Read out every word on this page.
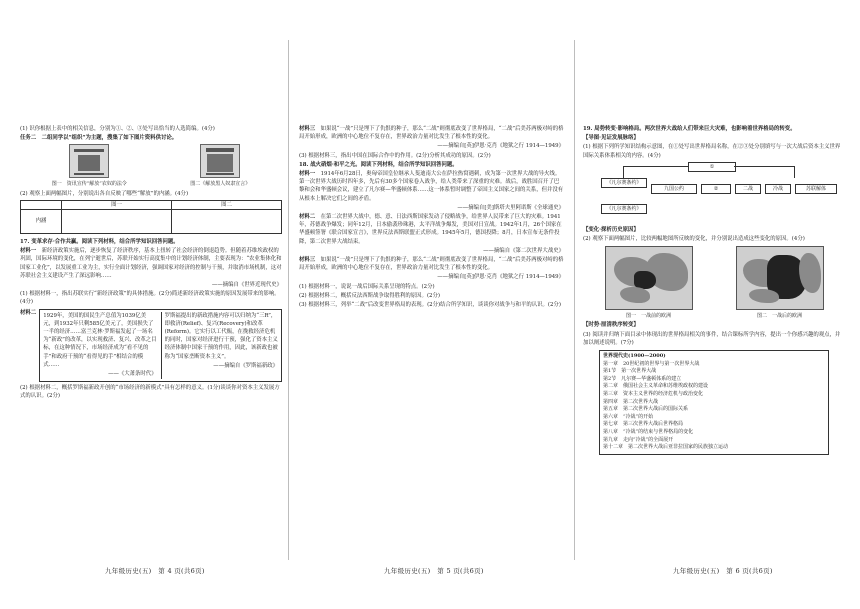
(1) 识你根据上表中的相关信息，分别为①、②、③处写出恰当的人选简编。(4分)

任务二　二组同学以“组织”为主题，搜集了如下图片资料供讨论。

图一　资讯宣传“解放”农奴的法令	图二《解放黑人奴隶宣言》

(2) 观察上面两幅图片，分别说出各自反映了哪些“解放”的内涵。(4分)

	图一	图二
内涵		

17. 变革求存·合作共赢。阅读下列材料，结合所学知识回答问题。

材料一　 新经济政策实施后，逐步恢复了经济秩序，基本上扭转了社会经济的倒退趋势。但随着苏维埃政权的巩固，国际环境的变化，在列宁逝世后，苏联开始实行高度集中的计划经济体制，主要表现为：“农业集体化和国家工业化”，以发展重工业为主，实行全面计划经济，强调国家对经济的控制与干预，并取消市场机制，这对苏联社会主义建设产生了深远影响……

——摘编自《世界近现代史》

(1) 根据材料一，指出苏联实行“新经济政策”的具体措施。(2分)简述新经济政策实施的原因发展带来的影响。(4分)

材料二 1929年，美国的国民生产总值为1039亿美元，到1932年只剩585亿美元了，美国损失了一半的经济……富兰克林·罗斯福发起了一场名为“新政”的改革，以实现救济、复兴、改革之目标，在这种情况下，市场经济成为“看不见的手”和政府干预的“看得见的手”相结合的模式……

——《大萧条时代》

罗斯福提出的新政措施内容可以归纳为“三R”，即救济(Relief)、复兴(Recovery)和改革(Reform)。它实行以工代赈，在挽救经济危机的同时，国家对经济进行干预，强化了资本主义经济体制中国家干预的作用，因此，该新政也被称为“国家垄断资本主义”。

——摘编自《罗斯福新政》

(2) 根据材料二，概括罗斯福新政开创的“市场经济的新模式”具有怎样的意义。(1分)谈谈你对资本主义发展方式的认识。(2分)

九年级历史(五)　第 4 页(共6页)

材料三　 如果说“一战”只是埋下了仇恨的种子，那么“二战”则彻底改变了世界格局，“二战”后美苏两极对峙的格局开始形成，欧洲的中心地位不复存在，世界政治力量对比发生了根本性的变化。

——摘编自[英]伊恩·克肖《地狱之行 1914—1949》

(3) 根据材料三，指出中国在国际合作中的作用。(2分)分析其成功的原因。(2分)

18. 战火硝烟·和平之光。阅读下列材料，结合所学知识回答问题。

材料一　 1914年6月28日，奥匈帝国皇位继承人斐迪南大公在萨拉热窝遇刺，成为第一次世界大战的导火线。第一次世界大战历时四年多，先后有30多个国家卷入战争，给人类带来了深重的灾难。战后，战胜国召开了巴黎和会和华盛顿会议，建立了凡尔赛—华盛顿体系……这一体系暂时调整了帝国主义国家之间的关系，但并没有从根本上解决它们之间的矛盾。

——摘编自[美]斯塔夫里阿诺斯《全球通史》

材料二　 在第二次世界大战中，德、意、日法西斯国家发动了侵略战争，给世界人民带来了巨大的灾难。1941年，苏德战争爆发；同年12月，日本偷袭珍珠港，太平洋战争爆发，美国对日宣战。1942年1月，26个国家在华盛顿签署《联合国家宣言》，世界反法西斯联盟正式形成。1945年5月，德国投降；8月，日本宣布无条件投降，第二次世界大战结束。

——摘编自《第二次世界大战史》

材料三　 如果说“一战”只是埋下了仇恨的种子，那么“二战”则彻底改变了世界格局，“二战”后美苏两极对峙的格局开始形成，欧洲的中心地位不复存在，世界政治力量对比发生了根本性的变化。

——摘编自[英]伊恩·克肖《地狱之行 1914—1949》

(1) 根据材料一，说说一战后国际关系呈现的特点。(2分)

(2) 根据材料二，概括反法西斯战争取得胜利的原因。(2分)

(3) 根据材料三，列举“二战”后改变世界格局的表现。(2分)结合所学知识，谈谈你对战争与和平的认识。(2分)

九年级历史(五)　第 5 页(共6页)

19. 局势转变·影响格局。两次世界大战给人们带来巨大灾难，也影响着世界格局的转变。

【导图·见证发展脉络】

(1) 根据下列所学知识结构示意图，在①处写出世界格局名称，在②③处分别填写与一次大战后资本主义世界国际关系体系相关的内容。(4分)

①
《凡尔赛条约》
九国公约	②	二战	冷战	苏联解体
《凡尔赛条约》

【变化·探析历史原因】

(2) 观察下面两幅图片，比较两幅地图所反映的变化，并分别说出造成这些变化的原因。(4分)

图一　一战前的欧洲	图二　一战后的欧洲

【时势·厘清秩序转变】

(3) 阅读并归纳下面目录中体现出的世界格局相关的事件，结合课标所学内容，提出一个你感兴趣的观点，并加以阐述说明。(7分)

世界现代史(1900—2000)
第一章　20世纪初的世界与第一次世界大战
第1节　第一次世界大战
第2节　凡尔赛—华盛顿体系的建立
第二章　俄国社会主义革命和苏维埃政权的建设
第三章　资本主义世界的经济危机与政治变化
第四章　第二次世界大战
第五章　第二次世界大战后的国际关系
第六章　“冷战”的开始
第七章　第三次世界大战后世界格局
第八章　“冷战”的结束与世界格局的变化
第九章　走向“冷战”的全面展开
第十二章　第二次世界大战后亚非拉国家的民族独立运动
九年级历史(五)　第 6 页(共6页)
